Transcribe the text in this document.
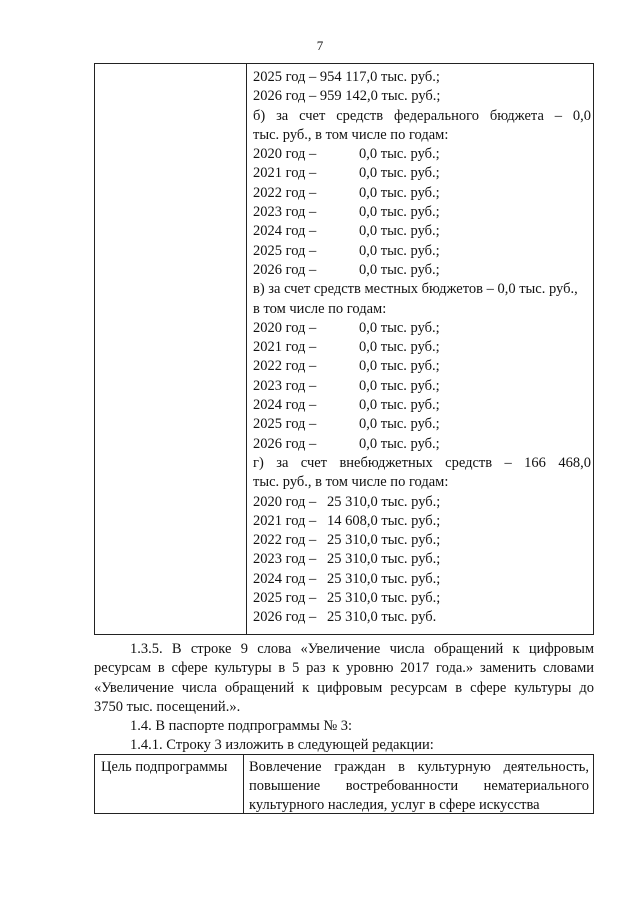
7
2025 год – 954 117,0 тыс. руб.;
2026 год – 959 142,0 тыс. руб.;
б) за счет средств федерального бюджета – 0,0
тыс. руб., в том числе по годам:
2020 год –	0,0 тыс. руб.;
2021 год –	0,0 тыс. руб.;
2022 год –	0,0 тыс. руб.;
2023 год –	0,0 тыс. руб.;
2024 год –	0,0 тыс. руб.;
2025 год –	0,0 тыс. руб.;
2026 год –	0,0 тыс. руб.;
в) за счет средств местных бюджетов – 0,0 тыс. руб.,
в том числе по годам:
2020 год –	0,0 тыс. руб.;
2021 год –	0,0 тыс. руб.;
2022 год –	0,0 тыс. руб.;
2023 год –	0,0 тыс. руб.;
2024 год –	0,0 тыс. руб.;
2025 год –	0,0 тыс. руб.;
2026 год –	0,0 тыс. руб.;
г) за счет внебюджетных средств – 166 468,0
тыс. руб., в том числе по годам:
2020 год – 25 310,0 тыс. руб.;
2021 год – 14 608,0 тыс. руб.;
2022 год – 25 310,0 тыс. руб.;
2023 год – 25 310,0 тыс. руб.;
2024 год – 25 310,0 тыс. руб.;
2025 год – 25 310,0 тыс. руб.;
2026 год – 25 310,0 тыс. руб.
1.3.5. В строке 9 слова «Увеличение числа обращений к цифровым
ресурсам в сфере культуры в 5 раз к уровню 2017 года.» заменить словами
«Увеличение числа обращений к цифровым ресурсам в сфере культуры до
3750 тыс. посещений.».
1.4. В паспорте подпрограммы № 3:
1.4.1. Строку 3 изложить в следующей редакции:
Цель подпрограммы Вовлечение граждан в культурную деятельность,
повышение востребованности нематериального
культурного наследия, услуг в сфере искусства
